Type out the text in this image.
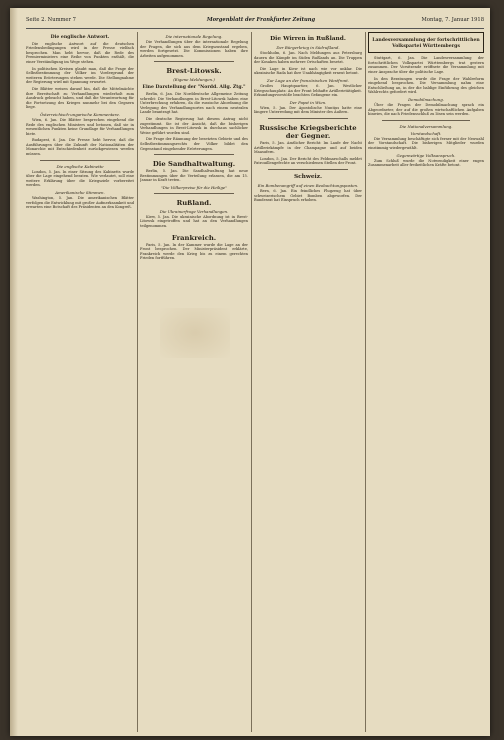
Seite 2. Nummer 7	Morgenblatt der Frankfurter Zeitung	Montag, 7. Januar 1918
Die englische Antwort.

Die englische Antwort auf die deutschen Friedensbedingungen wird in der Presse vielfach besprochen. Man hebt hervor, daß die Rede des Premierministers eine Reihe von Punkten enthält, die einer Verständigung im Wege stehen.

In politischen Kreisen glaubt man, daß die Frage der Selbstbestimmung der Völker im Vordergrund der weiteren Erörterungen stehen werde. Die Stellungnahme der Regierung wird mit Spannung erwartet.

Die Blätter weisen darauf hin, daß die Mittelmächte ihre Bereitschaft zu Verhandlungen wiederholt zum Ausdruck gebracht haben, und daß die Verantwortung für die Fortsetzung des Krieges nunmehr bei den Gegnern liege.

Österreichisch-ungarische Kommentare.

Wien, 6. Jan. Die Blätter besprechen eingehend die Rede des englischen Ministers und betonen, daß sie in wesentlichen Punkten keine Grundlage für Verhandlungen biete.

Budapest, 6. Jan. Die Presse hebt hervor, daß die Ausführungen über die Zukunft der Nationalitäten der Monarchie mit Entschiedenheit zurückgewiesen werden müssen.

Die englische Kabinette

London, 5. Jan. In einer Sitzung des Kabinetts wurde über die Lage eingehend beraten. Wie verlautet, soll eine weitere Erklärung über die Kriegsziele vorbereitet werden.

Amerikanische Stimmen.

Washington, 5. Jan. Die amerikanischen Blätter verfolgen die Entwicklung mit großer Aufmerksamkeit und erwarten eine Botschaft des Präsidenten an den Kongreß.

Die internationale Regelung.

Die Verhandlungen über die internationale Regelung der Fragen, die sich aus dem Kriegszustand ergeben, werden fortgesetzt. Die Kommissionen haben ihre Arbeiten aufgenommen.

Brest-Litowsk.
(Eigene Meldungen.)
Eine Darstellung der "Nordd. Allg. Ztg."

Berlin, 6. Jan. Die Norddeutsche Allgemeine Zeitung schreibt: Die Verhandlungen in Brest-Litowsk haben eine Unterbrechung erfahren, da die russische Abordnung die Verlegung des Verhandlungsortes nach einem neutralen Lande beantragt hat.

Die deutsche Regierung hat diesem Antrag nicht zugestimmt. Sie ist der Ansicht, daß die bisherigen Verhandlungen in Brest-Litowsk in durchaus sachlicher Weise geführt worden sind.

Die Frage der Räumung der besetzten Gebiete und des Selbstbestimmungsrechts der Völker bildet den Gegenstand eingehender Erörterungen.

Die Sandhaltwaltung.

Berlin, 5. Jan. Die Sandhaltwaltung hat neue Bestimmungen über die Verteilung erlassen, die am 15. Januar in Kraft treten.

"Die Völkerpreise für die Heilige"
Rußland.
Die Ukrainerfrage Verhandlungen.

Kiew, 5. Jan. Die ukrainische Abordnung ist in Brest-Litowsk eingetroffen und hat an den Verhandlungen teilgenommen.

Frankreich.

Paris, 5. Jan. In der Kammer wurde die Lage an der Front besprochen. Der Ministerpräsident erklärte, Frankreich werde den Krieg bis zu einem gerechten Frieden fortführen.

Die Wirren in Rußland.
Der Bürgerkrieg in Südrußland.

Stockholm, 6. Jan. Nach Meldungen aus Petersburg dauern die Kämpfe im Süden Rußlands an. Die Truppen der Kosaken haben mehrere Ortschaften besetzt.

Die Lage in Kiew ist nach wie vor unklar. Die ukrainische Rada hat ihre Unabhängigkeit erneut betont.

Zur Lage an der französischen Westfront.

Großes Hauptquartier, 6. Jan. Westlicher Kriegsschauplatz: An der Front lebhafte Artillerietätigkeit. Erkundungsvorstöße brachten Gefangene ein.

Der Papst in Wien.

Wien, 5. Jan. Der Apostolische Nuntius hatte eine längere Unterredung mit dem Minister des Äußern.

Russische Kriegsberichte der Gegner.

Paris, 5. Jan. Amtlicher Bericht: Im Laufe der Nacht Artilleriekämpfe in der Champagne und auf beiden Maasufern.

London, 5. Jan. Der Bericht des Feldmarschalls meldet Patrouillengefechte an verschiedenen Stellen der Front.

Schweiz.
Ein Bombenangriff auf einen Beobachtungsposten.

Bern, 6. Jan. Ein feindliches Flugzeug hat über schweizerischem Gebiet Bomben abgeworfen. Der Bundesrat hat Einspruch erhoben.

Landesversammlung der fortschrittlichen Volkspartei Württembergs

Stuttgart, 6. Jan. Die Landesversammlung der fortschrittlichen Volkspartei Württembergs trat gestern zusammen. Der Vorsitzende eröffnete die Versammlung mit einer Ansprache über die politische Lage.

In den Beratungen wurde die Frage der Wahlreform eingehend besprochen. Die Versammlung nahm eine Entschließung an, in der die baldige Einführung des gleichen Wahlrechts gefordert wird.

Demobilmachung.

Über die Fragen der Demobilmachung sprach ein Abgeordneter, der auf die großen wirtschaftlichen Aufgaben hinwies, die nach Friedensschluß zu lösen sein werden.

Die Nationalversammlung.
Vorstandschaft.

Die Versammlung beschäftigte sich ferner mit der Neuwahl der Vorstandschaft. Die bisherigen Mitglieder wurden einstimmig wiedergewählt.

Gegenwärtige Volksanspruch.

Zum Schluß wurde die Notwendigkeit einer engen Zusammenarbeit aller freiheitlichen Kräfte betont.
